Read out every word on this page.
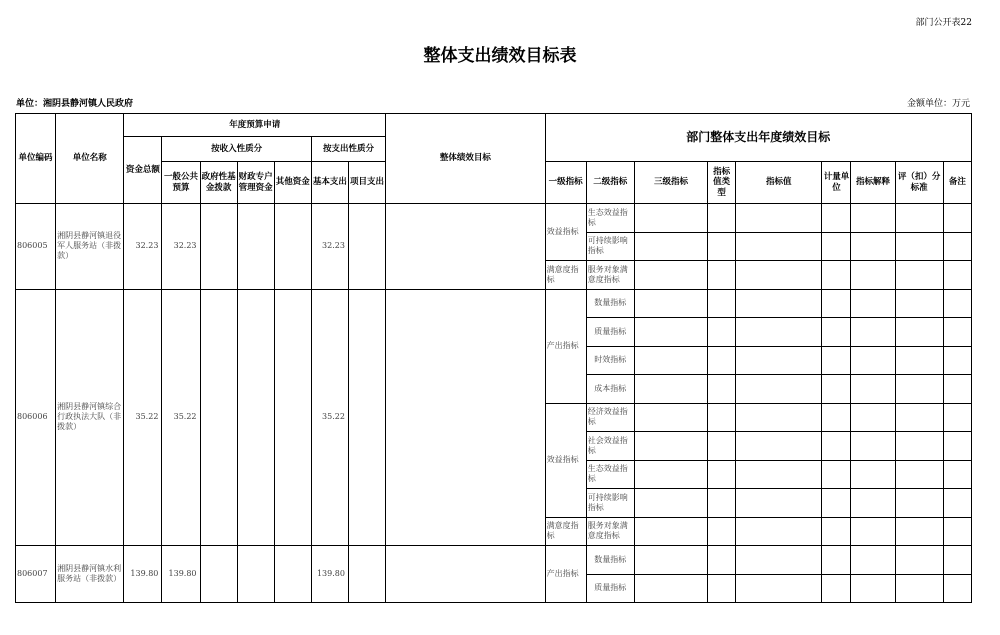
部门公开表22
整体支出绩效目标表
单位：湘阴县静河镇人民政府	金额单位：万元
单位编码	单位名称	年度预算申请							整体绩效目标	部门整体支出年度绩效目标								
		资金总额	按收入性质分				按支出性质分											
			一般公共预算	政府性基金拨款	财政专户管理资金	其他资金	基本支出	项目支出		一级指标	二级指标	三级指标	指标值类型	指标值	计量单位	指标解释	评（扣）分标准	备注
806005	湘阴县静河镇退役军人服务站（非拨款）	32.23	32.23				32.23			效益指标	生态效益指标							
											可持续影响指标							
										满意度指标	服务对象满意度指标							
806006	湘阴县静河镇综合行政执法大队（非拨款）	35.22	35.22				35.22			产出指标	数量指标							
											质量指标							
											时效指标							
											成本指标							
										效益指标	经济效益指标							
											社会效益指标							
											生态效益指标							
											可持续影响指标							
										满意度指标	服务对象满意度指标							
806007	湘阴县静河镇水利服务站（非拨款）	139.80	139.80				139.80			产出指标	数量指标							
											质量指标							
